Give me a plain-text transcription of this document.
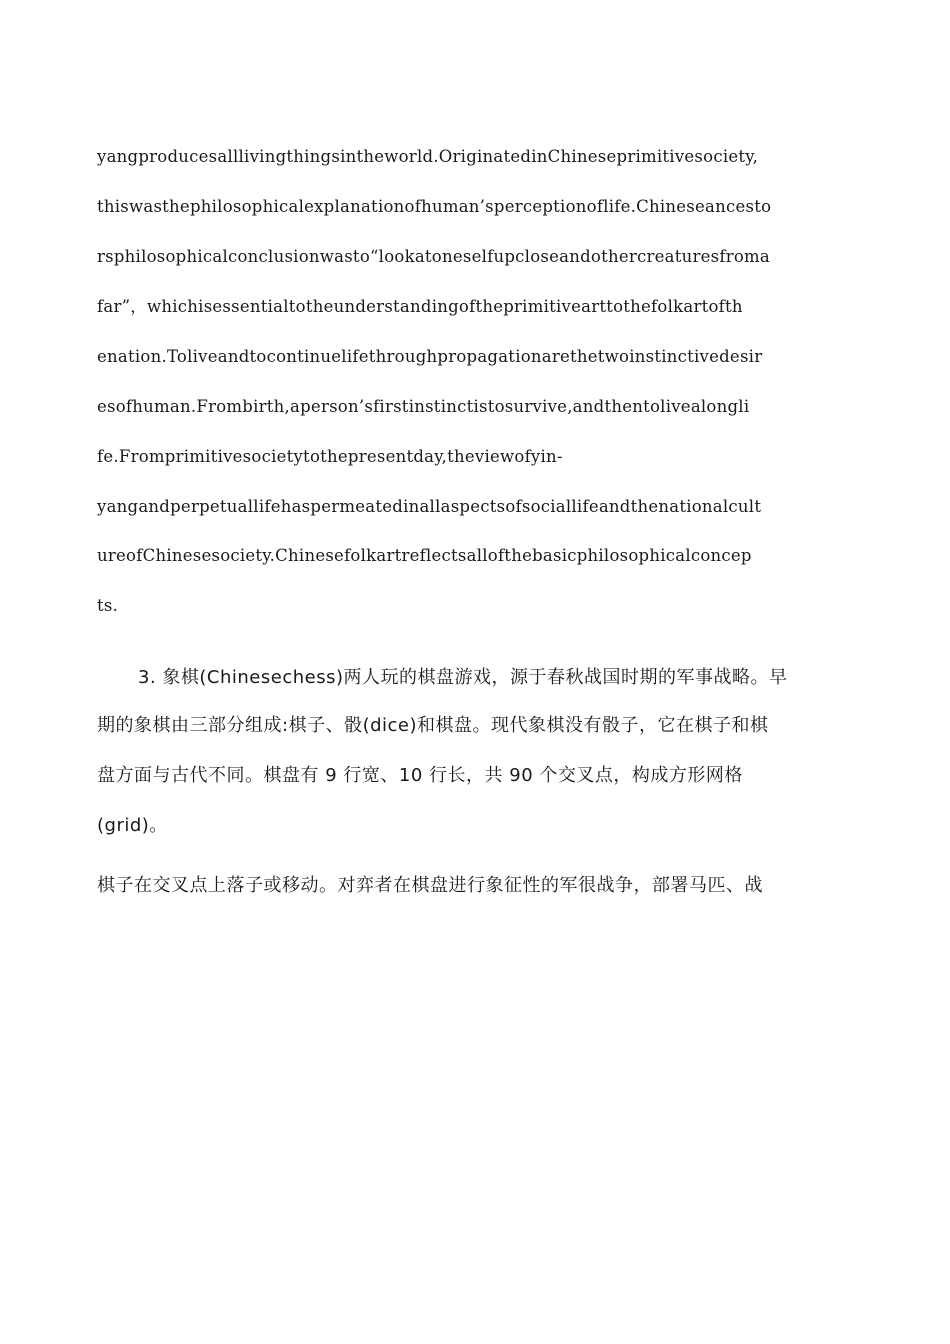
yangproducesalllivingthingsintheworld.OriginatedinChineseprimitivesociety,
thiswasthephilosophicalexplanationofhuman’sperceptionoflife.Chineseancesto
rsphilosophicalconclusionwasto“lookatoneselfupcloseandothercreaturesfroma
far”，whichisessentialtotheunderstandingoftheprimitivearttothefolkartofth
enation.Toliveandtocontinuelifethroughpropagationarethetwoinstinctivedesir
esofhuman.Frombirth,aperson’sfirstinstinctistosurvive,andthentolivealongli
fe.Fromprimitivesocietytothepresentday,theviewofyin-
yangandperpetuallifehaspermeatedinallaspectsofsociallifeandthenationalcult
ureofChinesesociety.Chinesefolkartreflectsallofthebasicphilosophicalconcep
ts.
3. 象棋(Chinesechess)两人玩的棋盘游戏，源于春秋战国时期的军事战略。早
期的象棋由三部分组成:棋子、骰(dice)和棋盘。现代象棋没有骰子，它在棋子和棋
盘方面与古代不同。棋盘有 9 行宽、10 行长，共 90 个交叉点，构成方形网格
(grid)。
棋子在交叉点上落子或移动。对弈者在棋盘进行象征性的军很战争，部署马匹、战
